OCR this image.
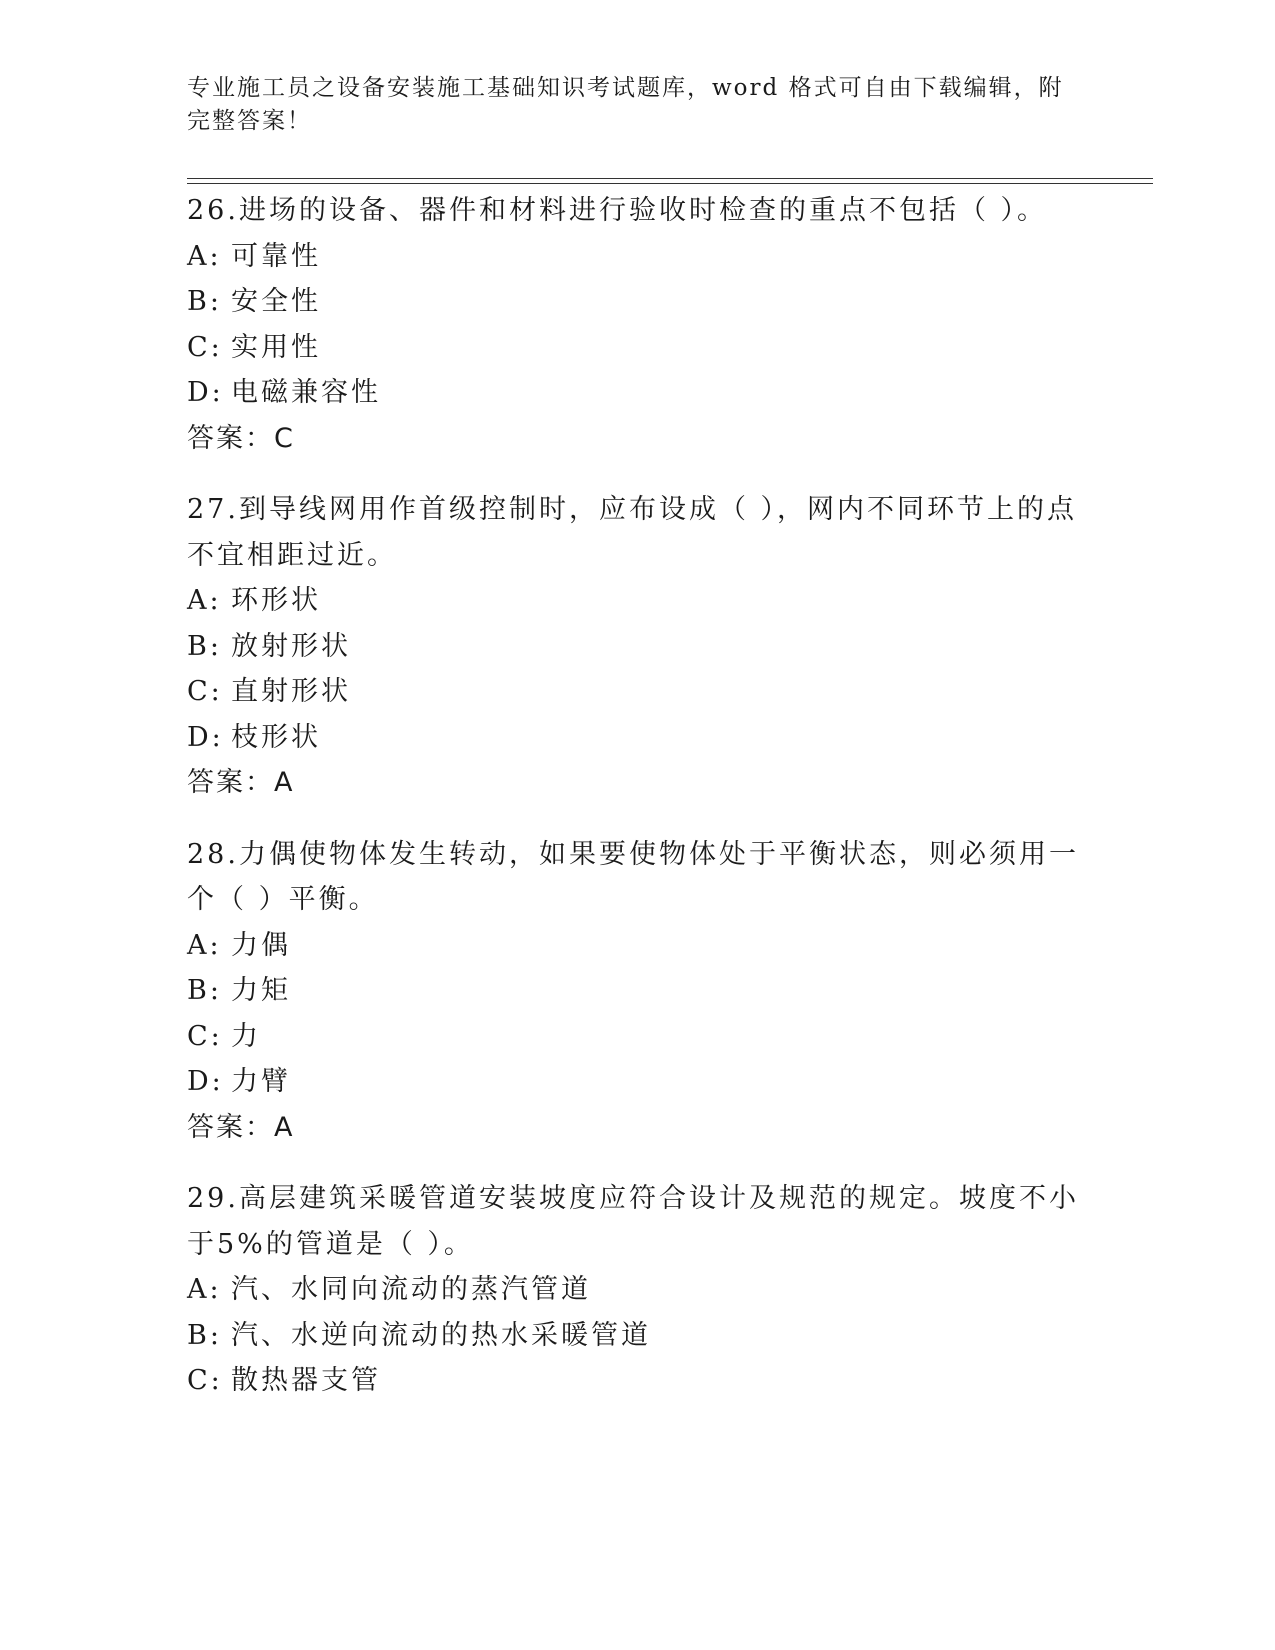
专业施工员之设备安装施工基础知识考试题库，word 格式可自由下载编辑，附完整答案！

26.进场的设备、器件和材料进行验收时检查的重点不包括（ ）。

A: 可靠性
B: 安全性
C: 实用性
D: 电磁兼容性
答案：C

27.到导线网用作首级控制时，应布设成（ ），网内不同环节上的点不宜相距过近。

A: 环形状
B: 放射形状
C: 直射形状
D: 枝形状
答案：A

28.力偶使物体发生转动，如果要使物体处于平衡状态，则必须用一个（ ）平衡。

A: 力偶
B: 力矩
C: 力
D: 力臂
答案：A

29.高层建筑采暖管道安装坡度应符合设计及规范的规定。坡度不小于5%的管道是（ ）。

A: 汽、水同向流动的蒸汽管道
B: 汽、水逆向流动的热水采暖管道
C: 散热器支管
